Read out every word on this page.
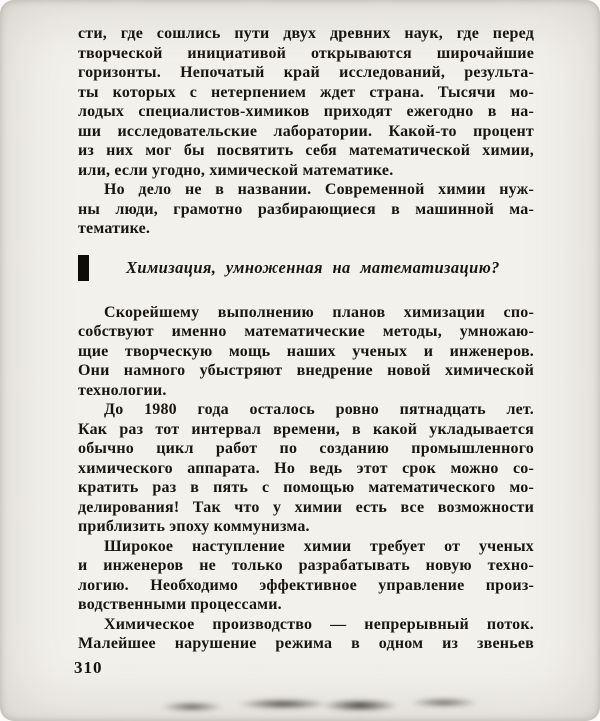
сти, где сошлись пути двух древних наук, где перед
творческой инициативой открываются широчайшие
горизонты. Непочатый край исследований, результа-
ты которых с нетерпением ждет страна. Тысячи мо-
лодых специалистов-химиков приходят ежегодно в на-
ши исследовательские лаборатории. Какой-то процент
из них мог бы посвятить себя математической химии,
или, если угодно, химической математике.
Но дело не в названии. Современной химии нуж-
ны люди, грамотно разбирающиеся в машинной ма-
тематике.
Химизация, умноженная на математизацию?
Скорейшему выполнению планов химизации спо-
собствуют именно математические методы, умножаю-
щие творческую мощь наших ученых и инженеров.
Они намного убыстряют внедрение новой химической
технологии.
До 1980 года осталось ровно пятнадцать лет.
Как раз тот интервал времени, в какой укладывается
обычно цикл работ по созданию промышленного
химического аппарата. Но ведь этот срок можно со-
кратить раз в пять с помощью математического мо-
делирования! Так что у химии есть все возможности
приблизить эпоху коммунизма.
Широкое наступление химии требует от ученых
и инженеров не только разрабатывать новую техно-
логию. Необходимо эффективное управление произ-
водственными процессами.
Химическое производство — непрерывный поток.
Малейшее нарушение режима в одном из звеньев
310
